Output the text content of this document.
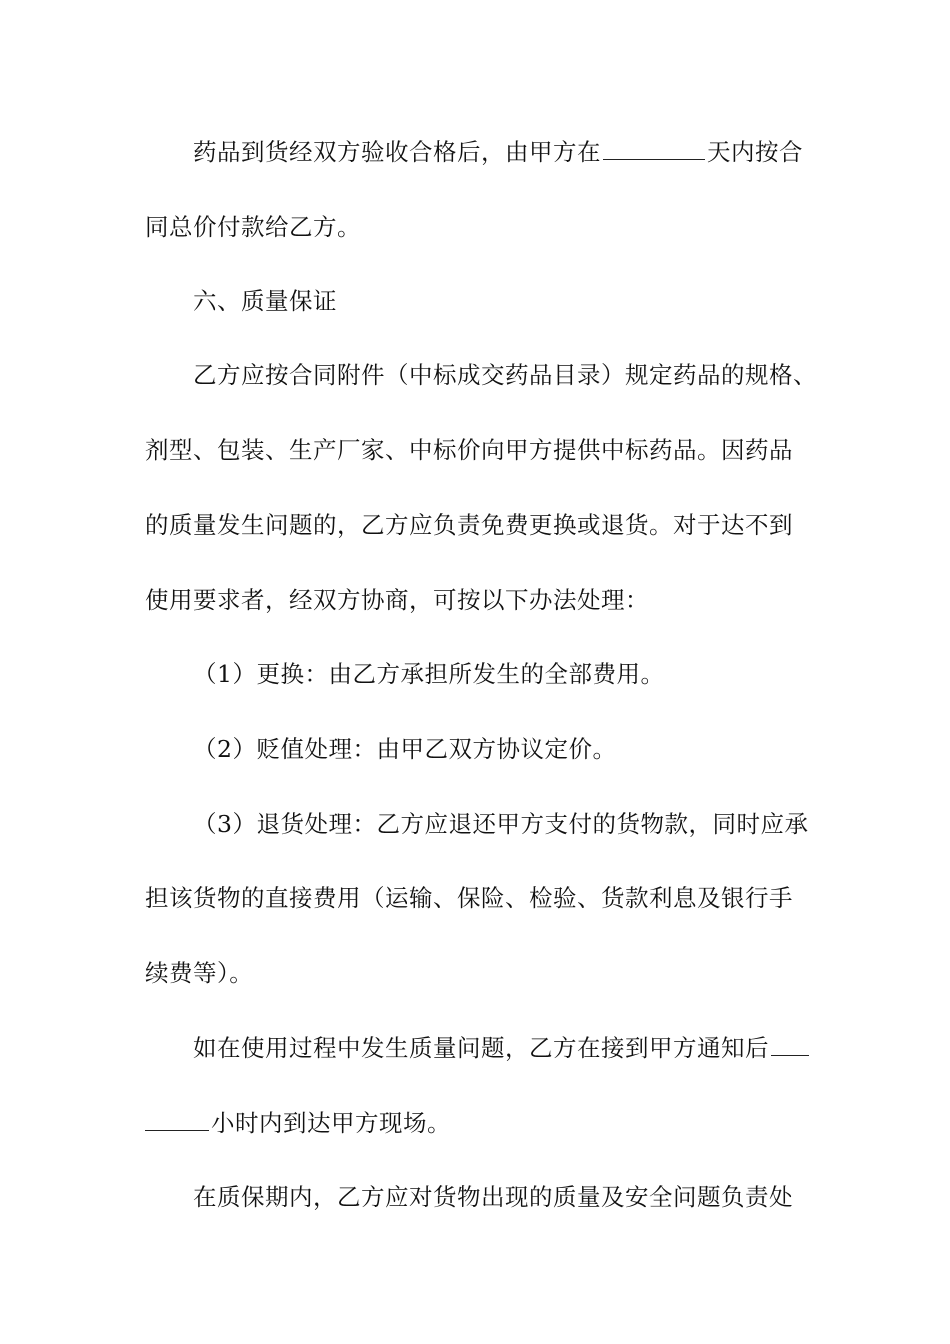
药品到货经双方验收合格后，由甲方在	天内按合
同总价付款给乙方。
六、质量保证
乙方应按合同附件（中标成交药品目录）规定药品的规格、
剂型、包装、生产厂家、中标价向甲方提供中标药品。因药品
的质量发生问题的，乙方应负责免费更换或退货。对于达不到
使用要求者，经双方协商，可按以下办法处理：
（1）更换：由乙方承担所发生的全部费用。
（2）贬值处理：由甲乙双方协议定价。
（3）退货处理：乙方应退还甲方支付的货物款，同时应承
担该货物的直接费用（运输、保险、检验、货款利息及银行手
续费等）。
如在使用过程中发生质量问题，乙方在接到甲方通知后
小时内到达甲方现场。
在质保期内，乙方应对货物出现的质量及安全问题负责处
